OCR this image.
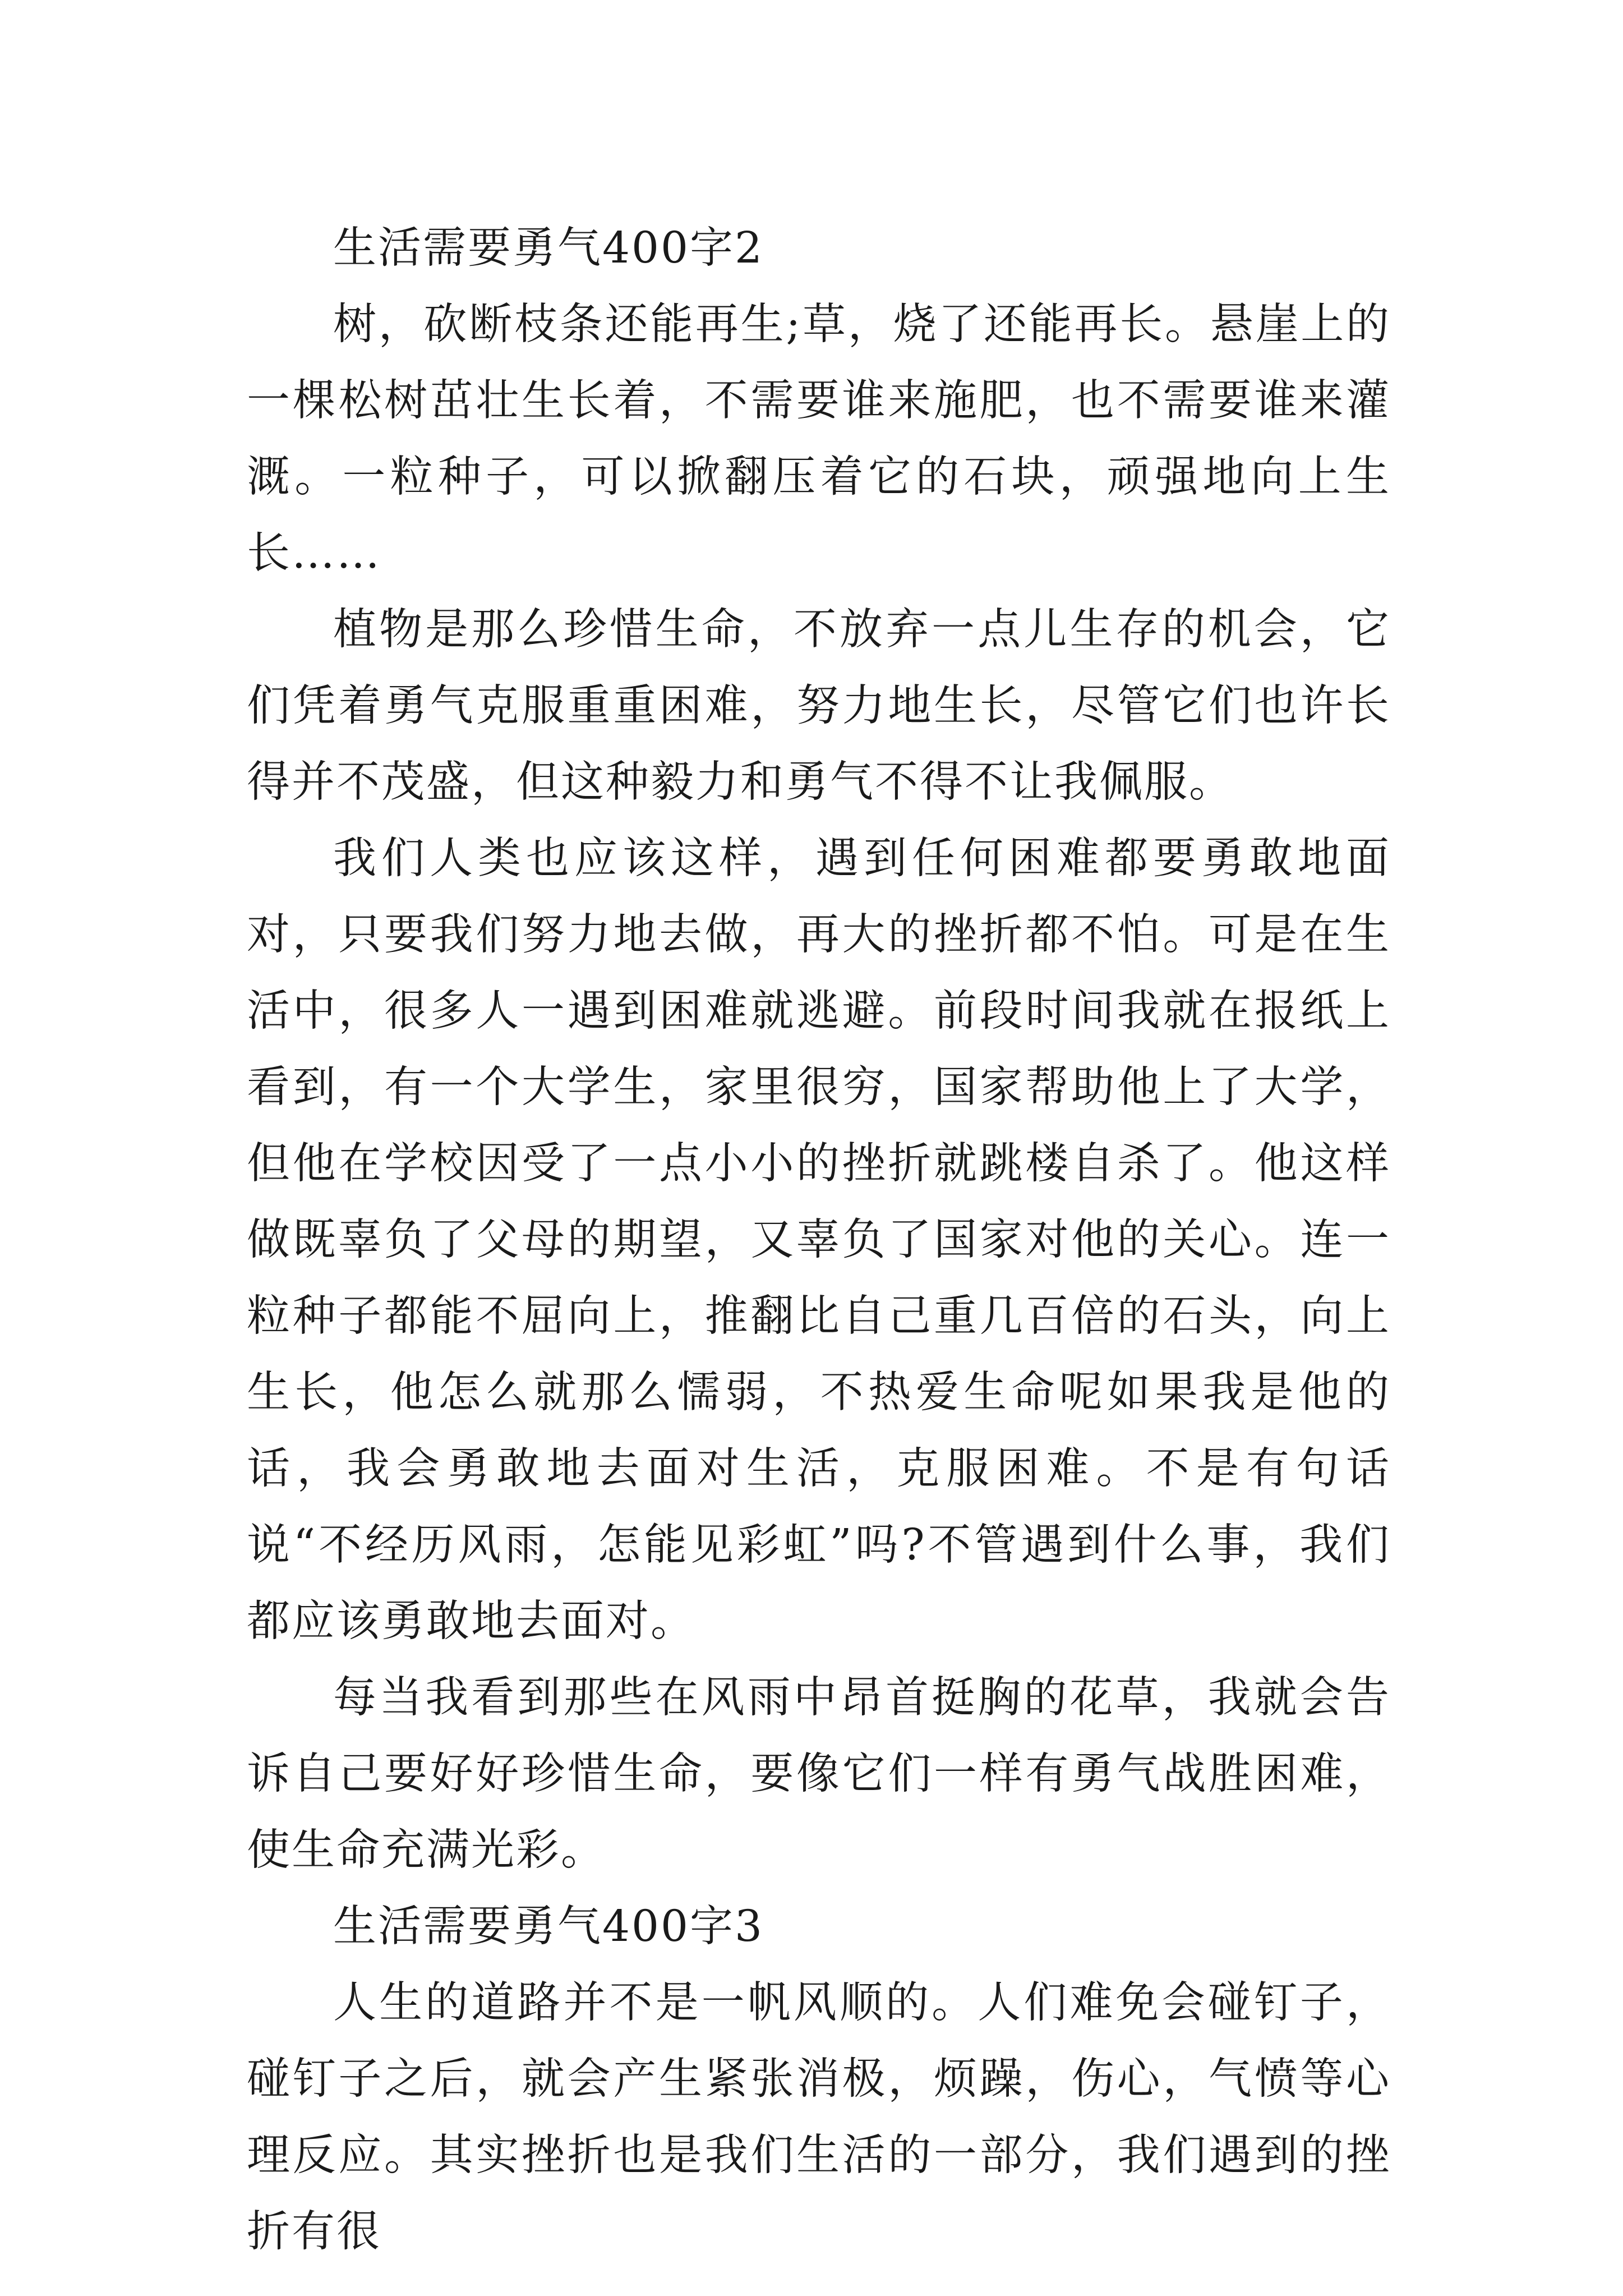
生活需要勇气400字2

树，砍断枝条还能再生;草，烧了还能再长。悬崖上的一棵松树茁壮生长着，不需要谁来施肥，也不需要谁来灌溉。一粒种子，可以掀翻压着它的石块，顽强地向上生长……

植物是那么珍惜生命，不放弃一点儿生存的机会，它们凭着勇气克服重重困难，努力地生长，尽管它们也许长得并不茂盛，但这种毅力和勇气不得不让我佩服。

我们人类也应该这样，遇到任何困难都要勇敢地面对，只要我们努力地去做，再大的挫折都不怕。可是在生活中，很多人一遇到困难就逃避。前段时间我就在报纸上看到，有一个大学生，家里很穷，国家帮助他上了大学，但他在学校因受了一点小小的挫折就跳楼自杀了。他这样做既辜负了父母的期望，又辜负了国家对他的关心。连一粒种子都能不屈向上，推翻比自己重几百倍的石头，向上生长，他怎么就那么懦弱，不热爱生命呢如果我是他的话，我会勇敢地去面对生活，克服困难。不是有句话说“不经历风雨，怎能见彩虹”吗?不管遇到什么事，我们都应该勇敢地去面对。

每当我看到那些在风雨中昂首挺胸的花草，我就会告诉自己要好好珍惜生命，要像它们一样有勇气战胜困难，使生命充满光彩。

生活需要勇气400字3

人生的道路并不是一帆风顺的。人们难免会碰钉子，碰钉子之后，就会产生紧张消极，烦躁，伤心，气愤等心理反应。其实挫折也是我们生活的一部分，我们遇到的挫折有很
